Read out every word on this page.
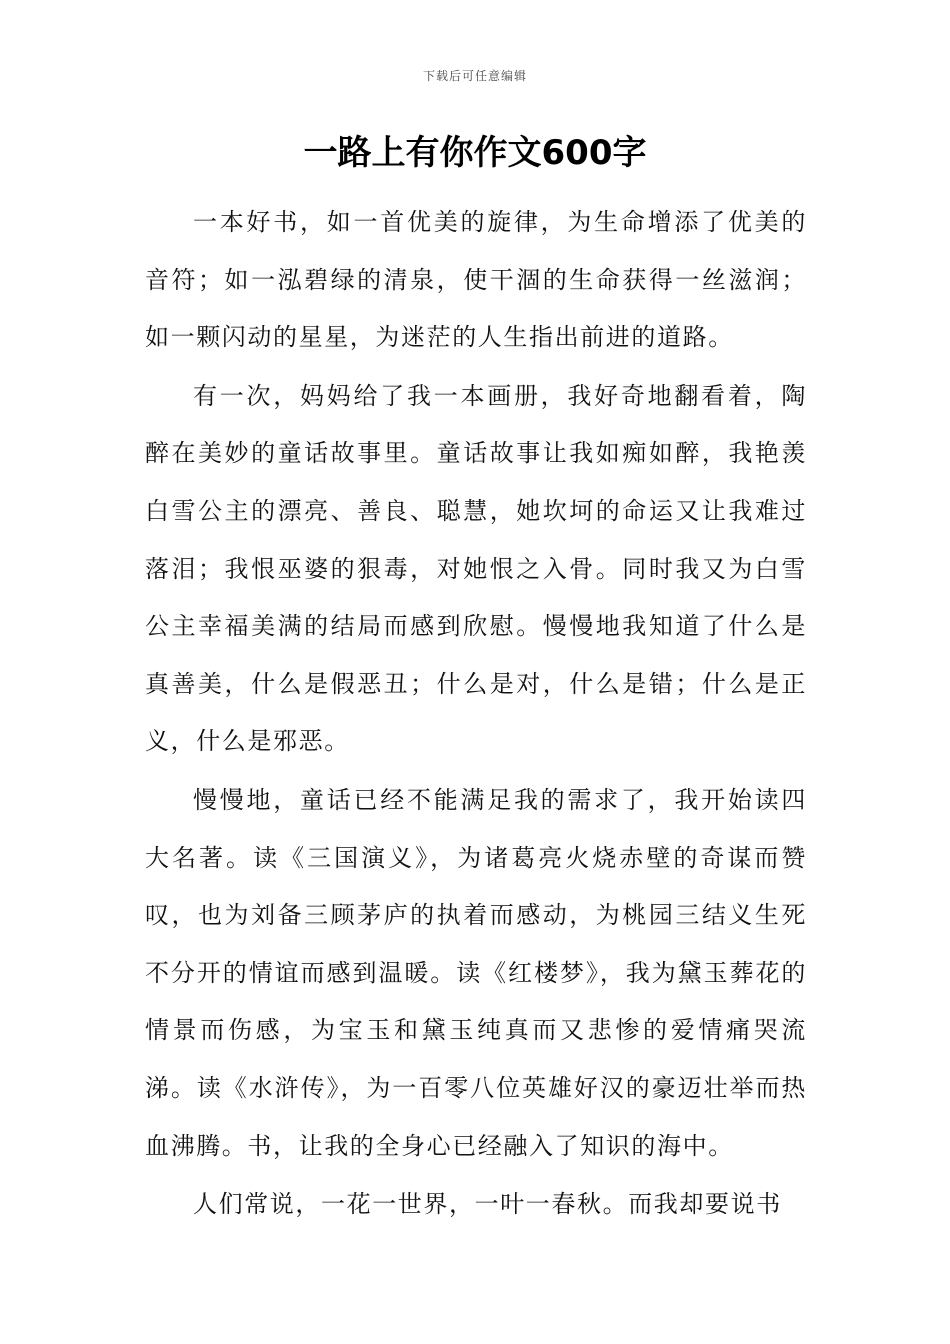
下载后可任意编辑
一路上有你作文600字

一本好书，如一首优美的旋律，为生命增添了优美的音符；如一泓碧绿的清泉，使干涸的生命获得一丝滋润；如一颗闪动的星星，为迷茫的人生指出前进的道路。

有一次，妈妈给了我一本画册，我好奇地翻看着，陶醉在美妙的童话故事里。童话故事让我如痴如醉，我艳羡白雪公主的漂亮、善良、聪慧，她坎坷的命运又让我难过落泪；我恨巫婆的狠毒，对她恨之入骨。同时我又为白雪公主幸福美满的结局而感到欣慰。慢慢地我知道了什么是真善美，什么是假恶丑；什么是对，什么是错；什么是正义，什么是邪恶。

慢慢地，童话已经不能满足我的需求了，我开始读四大名著。读《三国演义》，为诸葛亮火烧赤壁的奇谋而赞叹，也为刘备三顾茅庐的执着而感动，为桃园三结义生死不分开的情谊而感到温暖。读《红楼梦》，我为黛玉葬花的情景而伤感，为宝玉和黛玉纯真而又悲惨的爱情痛哭流涕。读《水浒传》，为一百零八位英雄好汉的豪迈壮举而热血沸腾。书，让我的全身心已经融入了知识的海中。

人们常说，一花一世界，一叶一春秋。而我却要说书
